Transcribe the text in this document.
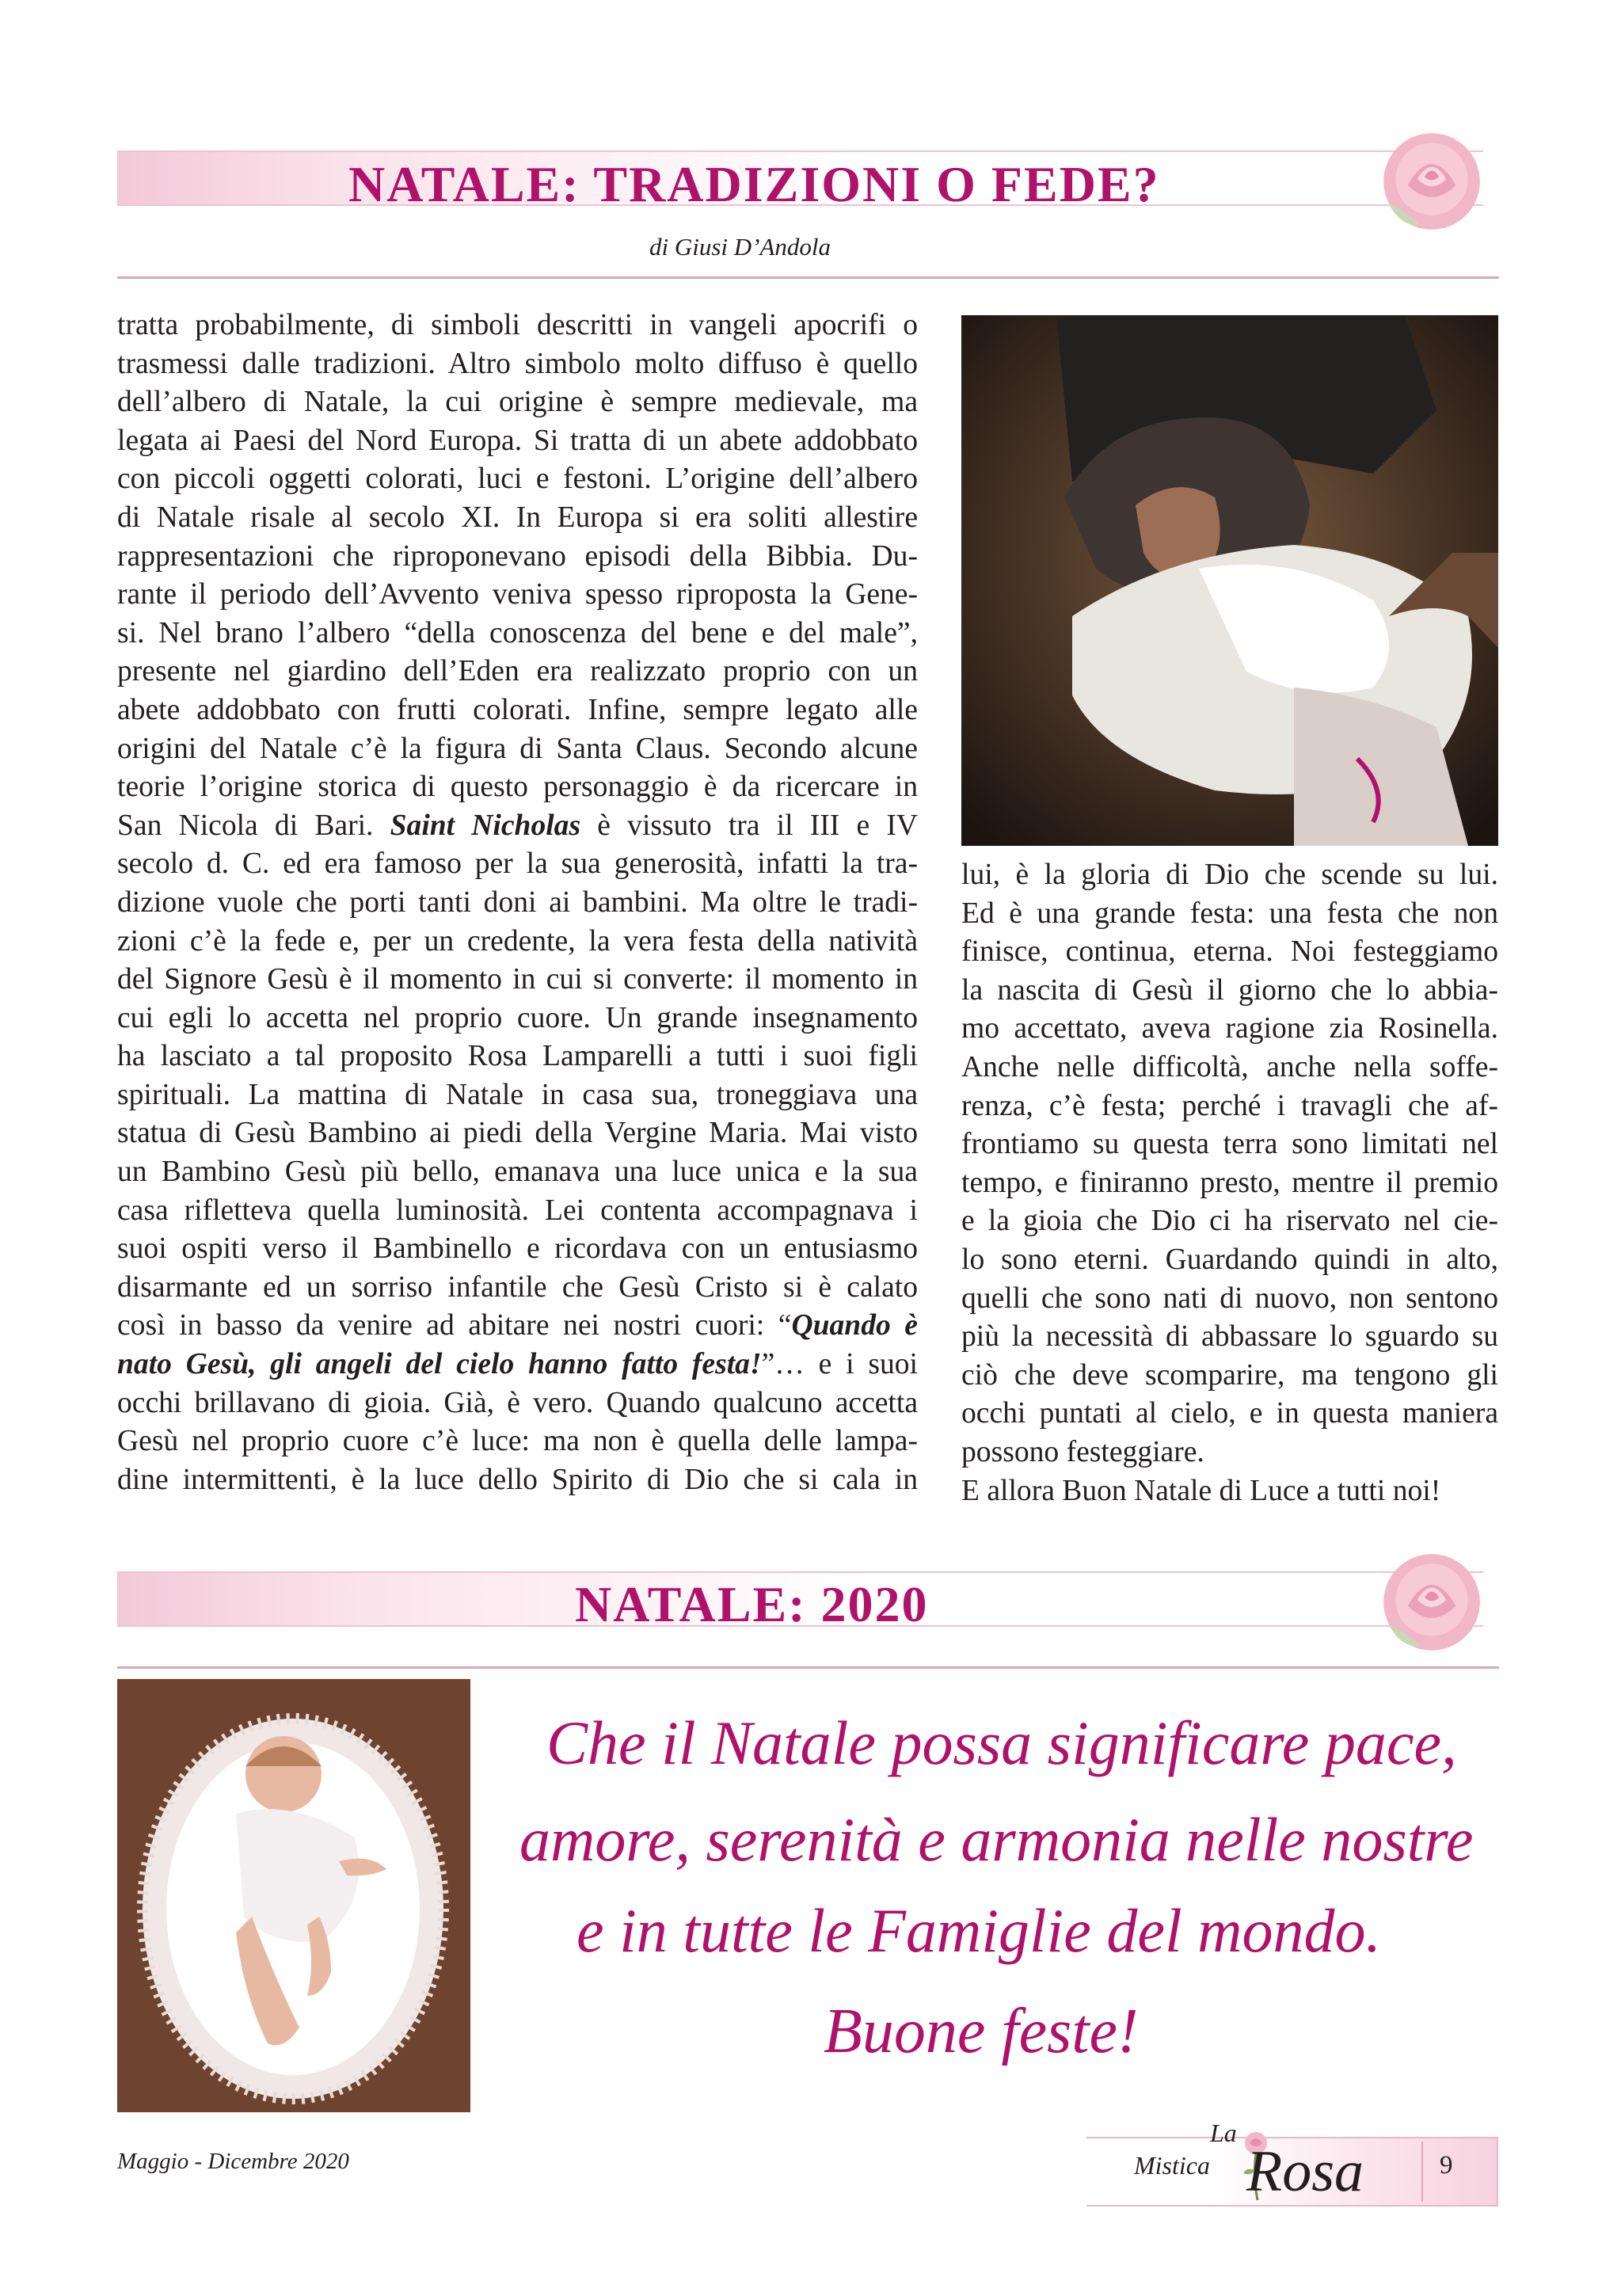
NATALE: TRADIZIONI O FEDE?
di Giusi D’Andola

tratta probabilmente, di simboli descritti in vangeli apocrifi o

trasmessi dalle tradizioni. Altro simbolo molto diffuso è quello

dell’albero di Natale, la cui origine è sempre medievale, ma

legata ai Paesi del Nord Europa. Si tratta di un abete addobbato

con piccoli oggetti colorati, luci e festoni. L’origine dell’albero

di Natale risale al secolo XI. In Europa si era soliti allestire

rappresentazioni che riproponevano episodi della Bibbia. Du-

rante il periodo dell’Avvento veniva spesso riproposta la Gene-

si. Nel brano l’albero “della conoscenza del bene e del male”,

presente nel giardino dell’Eden era realizzato proprio con un

abete addobbato con frutti colorati. Infine, sempre legato alle

origini del Natale c’è la figura di Santa Claus. Secondo alcune

teorie l’origine storica di questo personaggio è da ricercare in

San Nicola di Bari. Saint Nicholas è vissuto tra il III e IV

secolo d. C. ed era famoso per la sua generosità, infatti la tra-

dizione vuole che porti tanti doni ai bambini. Ma oltre le tradi-

zioni c’è la fede e, per un credente, la vera festa della natività

del Signore Gesù è il momento in cui si converte: il momento in

cui egli lo accetta nel proprio cuore. Un grande insegnamento

ha lasciato a tal proposito Rosa Lamparelli a tutti i suoi figli

spirituali. La mattina di Natale in casa sua, troneggiava una

statua di Gesù Bambino ai piedi della Vergine Maria. Mai visto

un Bambino Gesù più bello, emanava una luce unica e la sua

casa rifletteva quella luminosità. Lei contenta accompagnava i

suoi ospiti verso il Bambinello e ricordava con un entusiasmo

disarmante ed un sorriso infantile che Gesù Cristo si è calato

così in basso da venire ad abitare nei nostri cuori: “Quando è

nato Gesù, gli angeli del cielo hanno fatto festa!”… e i suoi

occhi brillavano di gioia. Già, è vero. Quando qualcuno accetta

Gesù nel proprio cuore c’è luce: ma non è quella delle lampa-

dine intermittenti, è la luce dello Spirito di Dio che si cala in

lui, è la gloria di Dio che scende su lui.

Ed è una grande festa: una festa che non

finisce, continua, eterna. Noi festeggiamo

la nascita di Gesù il giorno che lo abbia-

mo accettato, aveva ragione zia Rosinella.

Anche nelle difficoltà, anche nella soffe-

renza, c’è festa; perché i travagli che af-

frontiamo su questa terra sono limitati nel

tempo, e finiranno presto, mentre il premio

e la gioia che Dio ci ha riservato nel cie-

lo sono eterni. Guardando quindi in alto,

quelli che sono nati di nuovo, non sentono

più la necessità di abbassare lo sguardo su

ciò che deve scomparire, ma tengono gli

occhi puntati al cielo, e in questa maniera

possono festeggiare.

E allora Buon Natale di Luce a tutti noi!

NATALE: 2020
Che il Natale possa significare pace,
amore, serenità e armonia nelle nostre
e in tutte le Famiglie del mondo.
Buone feste!
Maggio - Dicembre 2020
La
Mistica Rosa	9
